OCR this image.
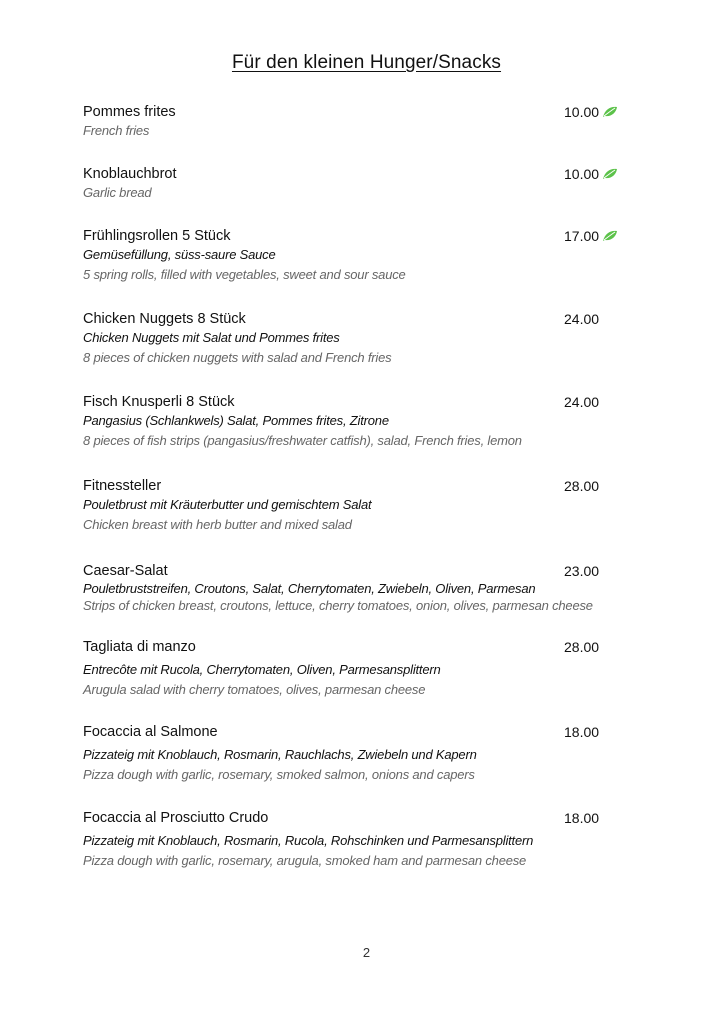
Für den kleinen Hunger/Snacks
Pommes frites
French fries
10.00
Knoblauchbrot
Garlic bread
10.00
Frühlingsrollen 5 Stück
Gemüsefüllung, süss-saure Sauce
5 spring rolls, filled with vegetables, sweet and sour sauce
17.00
Chicken Nuggets 8 Stück
Chicken Nuggets mit Salat und Pommes frites
8 pieces of chicken nuggets with salad and French fries
24.00
Fisch Knusperli 8 Stück
Pangasius (Schlankwels) Salat, Pommes frites, Zitrone
8 pieces of fish strips (pangasius/freshwater catfish), salad, French fries, lemon
24.00
Fitnessteller
Pouletbrust mit Kräuterbutter und gemischtem Salat
Chicken breast with herb butter and mixed salad
28.00
Caesar-Salat
Pouletbruststreifen, Croutons, Salat, Cherrytomaten, Zwiebeln, Oliven, Parmesan
Strips of chicken breast, croutons, lettuce, cherry tomatoes, onion, olives, parmesan cheese
23.00
Tagliata di manzo
Entrecôte mit Rucola, Cherrytomaten, Oliven, Parmesansplittern
Arugula salad with cherry tomatoes, olives, parmesan cheese
28.00
Focaccia al Salmone
Pizzateig mit Knoblauch, Rosmarin, Rauchlachs, Zwiebeln und Kapern
Pizza dough with garlic, rosemary, smoked salmon, onions and capers
18.00
Focaccia al Prosciutto Crudo
Pizzateig mit Knoblauch, Rosmarin, Rucola, Rohschinken und Parmesansplittern
Pizza dough with garlic, rosemary, arugula, smoked ham and parmesan cheese
18.00
2
